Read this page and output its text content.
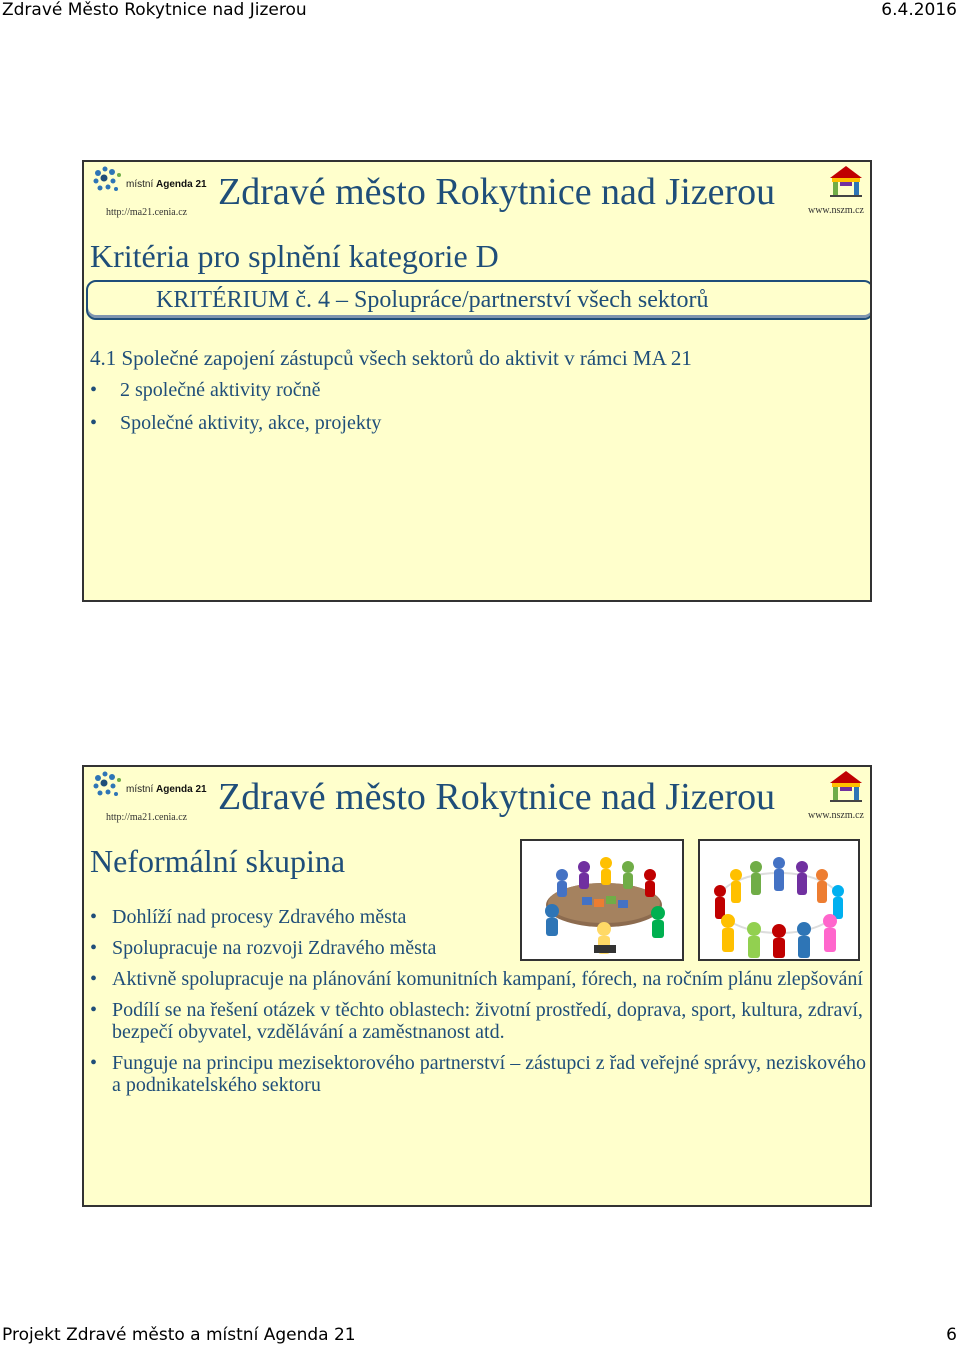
Zdravé Město Rokytnice nad Jizerou	6.4.2016
místní Agenda 21
http://ma21.cenia.cz Zdravé město Rokytnice nad Jizerou	www.nszm.cz
Kritéria pro splnění kategorie D
KRITÉRIUM č. 4 – Spolupráce/partnerství všech sektorů
4.1 Společné zapojení zástupců všech sektorů do aktivit v rámci MA 21
• 2 společné aktivity ročně
• Společné aktivity, akce, projekty
místní Agenda 21
http://ma21.cenia.cz Zdravé město Rokytnice nad Jizerou	www.nszm.cz
Neformální skupina
• Dohlíží nad procesy Zdravého města
• Spolupracuje na rozvoji Zdravého města
• Aktivně spolupracuje na plánování komunitních kampaní, fórech, na ročním plánu zlepšování
• Podílí se na řešení otázek v těchto oblastech: životní prostředí, doprava, sport, kultura, zdraví, bezpečí obyvatel, vzdělávání a zaměstnanost atd.
• Funguje na principu mezisektorového partnerství – zástupci z řad veřejné správy, neziskového a podnikatelského sektoru
Projekt Zdravé město a místní Agenda 21	6
